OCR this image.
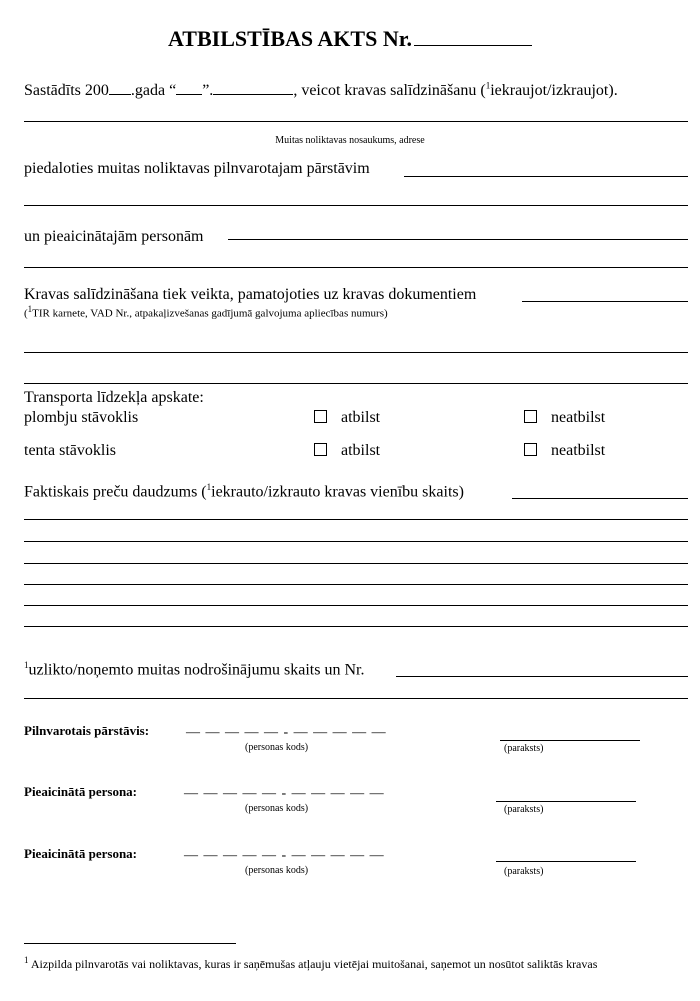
ATBILSTĪBAS AKTS Nr.
Sastādīts 200 .gada “ ”.	, veicot kravas salīdzināšanu ($^1$iekraujot/izkraujot).
Muitas noliktavas nosaukums, adrese
piedaloties muitas noliktavas pilnvarotajam pārstāvim
un pieaicinātajām personām
Kravas salīdzināšana tiek veikta, pamatojoties uz kravas dokumentiem
($^1$TIR karnete, VAD Nr., atpakaļizvešanas gadījumā galvojuma apliecības numurs)
Transporta līdzekļa apskate:
plombju stāvoklis	atbilst	neatbilst
tenta stāvoklis	atbilst	neatbilst
Faktiskais preču daudzums ($^1$iekrauto/izkrauto kravas vienību skaits)
$^1$uzlikto/noņemto muitas nodrošinājumu skaits un Nr.
Pilnvarotais pārstāvis:	— — — — — - — — — — —
(personas kods)	(paraksts)
Pieaicinātā persona:	— — — — — - — — — — —
(personas kods)	(paraksts)
Pieaicinātā persona:	— — — — — - — — — — —
(personas kods)	(paraksts)
$^1$ Aizpilda pilnvarotās vai noliktavas, kuras ir saņēmušas atļauju vietējai muitošanai, saņemot un nosūtot saliktās kravas
